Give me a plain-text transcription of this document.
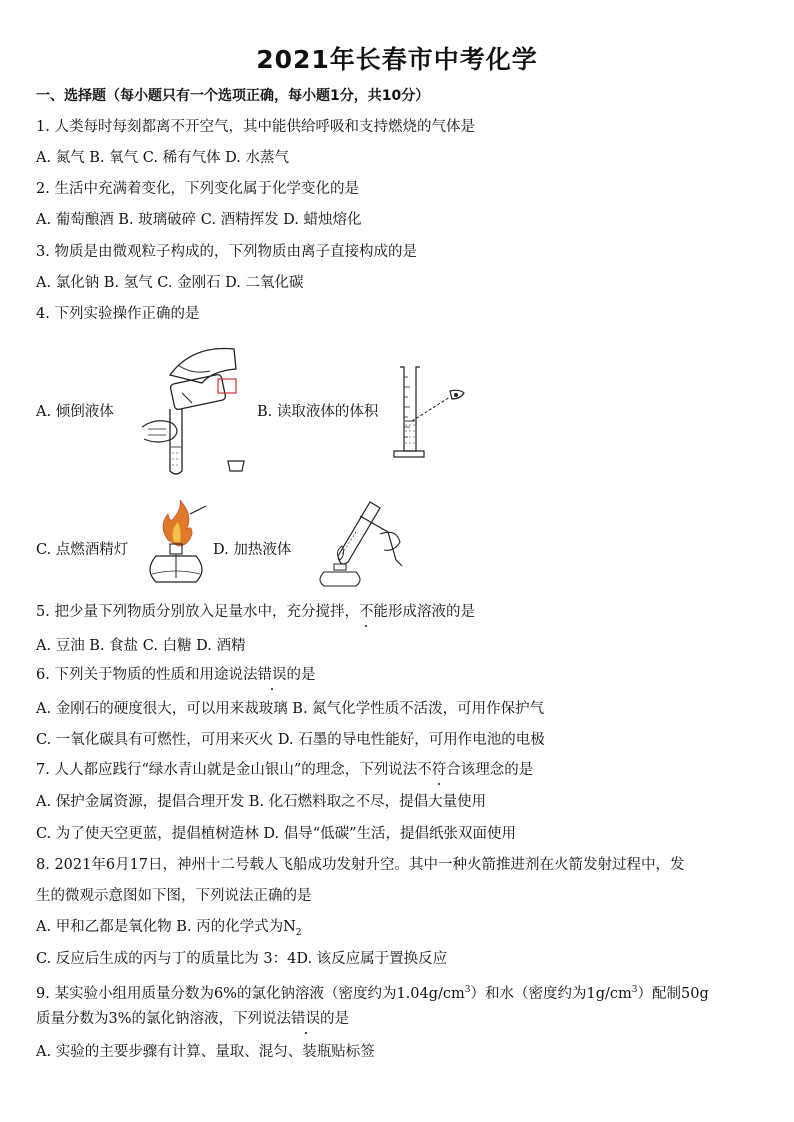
2021年长春市中考化学
一、选择题（每小题只有一个选项正确，每小题1分，共10分）
1. 人类每时每刻都离不开空气，其中能供给呼吸和支持燃烧的气体是
A. 氮气 B. 氧气 C. 稀有气体 D. 水蒸气
2. 生活中充满着变化，下列变化属于化学变化的是
A. 葡萄酿酒 B. 玻璃破碎 C. 酒精挥发 D. 蜡烛熔化
3. 物质是由微观粒子构成的，下列物质由离子直接构成的是
A. 氯化钠 B. 氢气 C. 金刚石 D. 二氧化碳
4. 下列实验操作正确的是
A. 倾倒液体	B. 读取液体的体积
C. 点燃酒精灯	D. 加热液体
5. 把少量下列物质分别放入足量水中，充分搅拌，不能形成溶液的是
A. 豆油 B. 食盐 C. 白糖 D. 酒精
6. 下列关于物质的性质和用途说法错误的是
A. 金刚石的硬度很大，可以用来裁玻璃 B. 氮气化学性质不活泼，可用作保护气
C. 一氧化碳具有可燃性，可用来灭火 D. 石墨的导电性能好，可用作电池的电极
7. 人人都应践行“绿水青山就是金山银山”的理念，下列说法不符合该理念的是
A. 保护金属资源，提倡合理开发 B. 化石燃料取之不尽，提倡大量使用
C. 为了使天空更蓝，提倡植树造林 D. 倡导“低碳”生活，提倡纸张双面使用
8. 2021年6月17日，神州十二号载人飞船成功发射升空。其中一种火箭推进剂在火箭发射过程中，发
生的微观示意图如下图，下列说法正确的是
A. 甲和乙都是氧化物 B. 丙的化学式为$N_2$
C. 反应后生成的丙与丁的质量比为 3：4D. 该反应属于置换反应
9. 某实验小组用质量分数为6%的氯化钠溶液（密度约为$1.04g/cm^3$）和水（密度约为$1g/cm^3$）配制50g
质量分数为3%的氯化钠溶液，下列说法错误的是
A. 实验的主要步骤有计算、量取、混匀、装瓶贴标签
